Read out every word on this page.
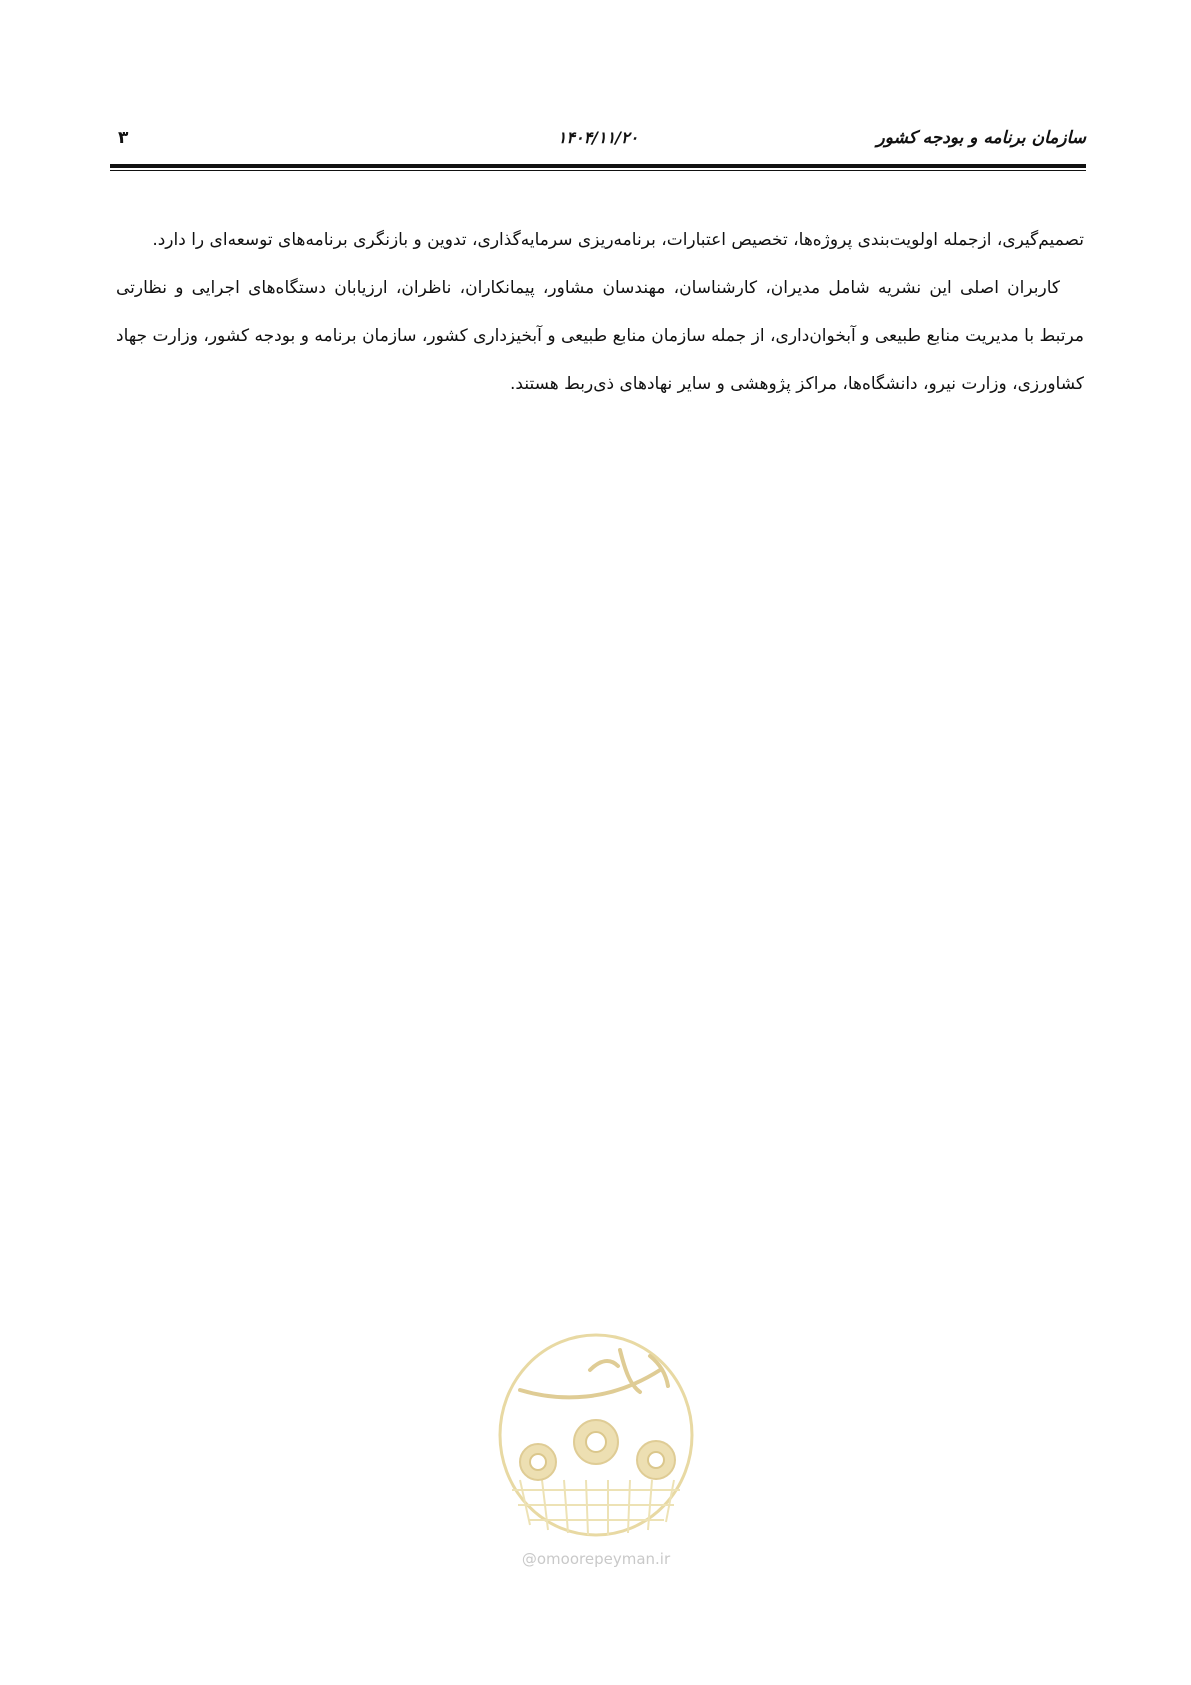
سازمان برنامه و بودجه کشور
۱۴۰۴/۱۱/۲۰
۳

تصمیم‌گیری، ازجمله اولویت‌بندی پروژه‌ها، تخصیص اعتبارات، برنامه‌ریزی سرمایه‌گذاری، تدوین و بازنگری برنامه‌های توسعه‌ای را دارد.

کاربران اصلی این نشریه شامل مدیران، کارشناسان، مهندسان مشاور، پیمانکاران، ناظران، ارزیابان دستگاه‌های اجرایی و نظارتی مرتبط با مدیریت منابع طبیعی و آبخوان‌داری، از جمله سازمان منابع طبیعی و آبخیزداری کشور، سازمان برنامه و بودجه کشور، وزارت جهاد کشاورزی، وزارت نیرو، دانشگاه‌ها، مراکز پژوهشی و سایر نهادهای ذی‌ربط هستند.

@omoorepeyman.ir
